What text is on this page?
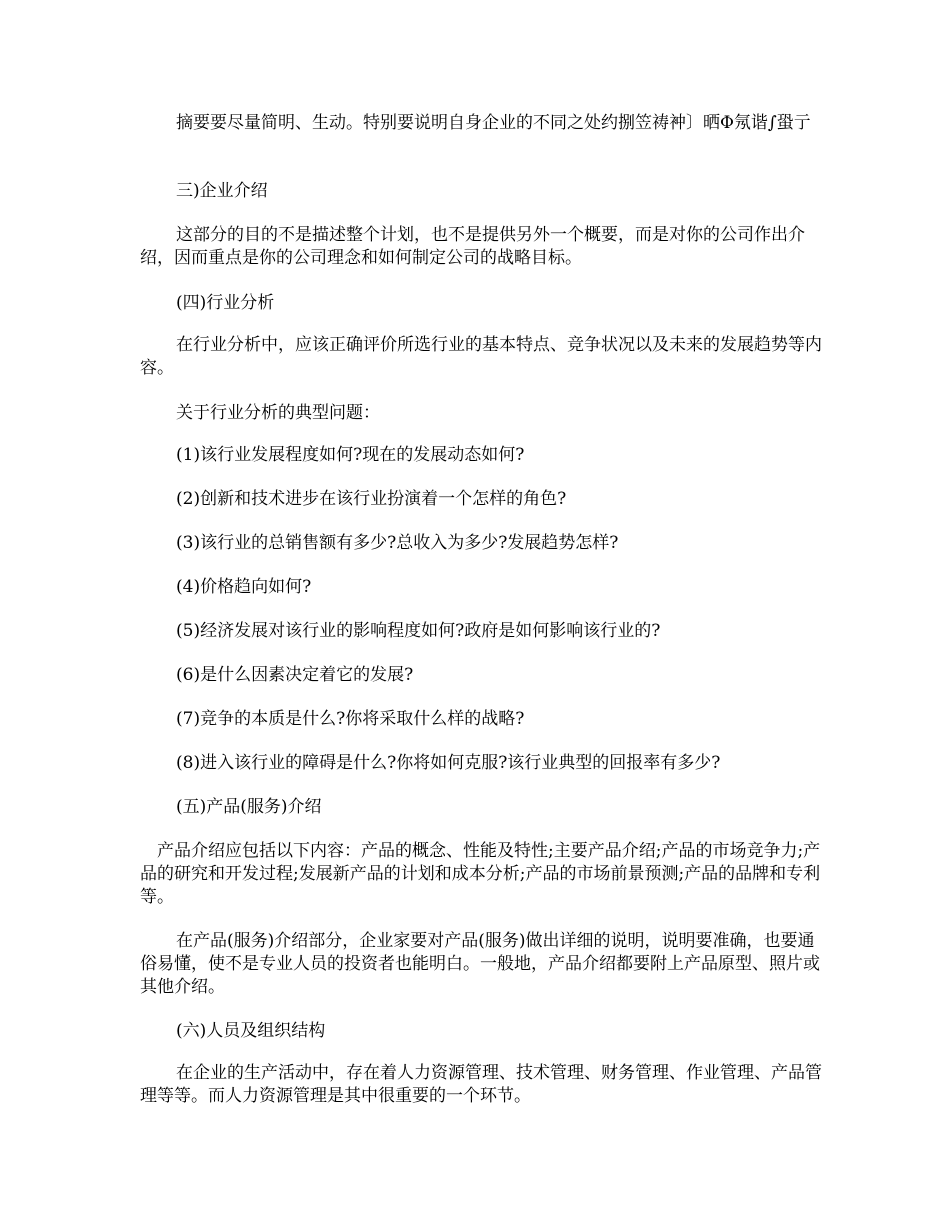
摘要要尽量简明、生动。特别要说明自身企业的不同之处约捌笠祷衶〕晒Φ氖谐∫蛩亍

三)企业介绍

这部分的目的不是描述整个计划，也不是提供另外一个概要，而是对你的公司作出介绍，因而重点是你的公司理念和如何制定公司的战略目标。

(四)行业分析

在行业分析中，应该正确评价所选行业的基本特点、竞争状况以及未来的发展趋势等内容。

关于行业分析的典型问题：

(1)该行业发展程度如何?现在的发展动态如何?

(2)创新和技术进步在该行业扮演着一个怎样的角色?

(3)该行业的总销售额有多少?总收入为多少?发展趋势怎样?

(4)价格趋向如何?

(5)经济发展对该行业的影响程度如何?政府是如何影响该行业的?

(6)是什么因素决定着它的发展?

(7)竞争的本质是什么?你将采取什么样的战略?

(8)进入该行业的障碍是什么?你将如何克服?该行业典型的回报率有多少?

(五)产品(服务)介绍

产品介绍应包括以下内容：产品的概念、性能及特性;主要产品介绍;产品的市场竞争力;产品的研究和开发过程;发展新产品的计划和成本分析;产品的市场前景预测;产品的品牌和专利等。

在产品(服务)介绍部分，企业家要对产品(服务)做出详细的说明，说明要准确，也要通俗易懂，使不是专业人员的投资者也能明白。一般地，产品介绍都要附上产品原型、照片或其他介绍。

(六)人员及组织结构

在企业的生产活动中，存在着人力资源管理、技术管理、财务管理、作业管理、产品管理等等。而人力资源管理是其中很重要的一个环节。
